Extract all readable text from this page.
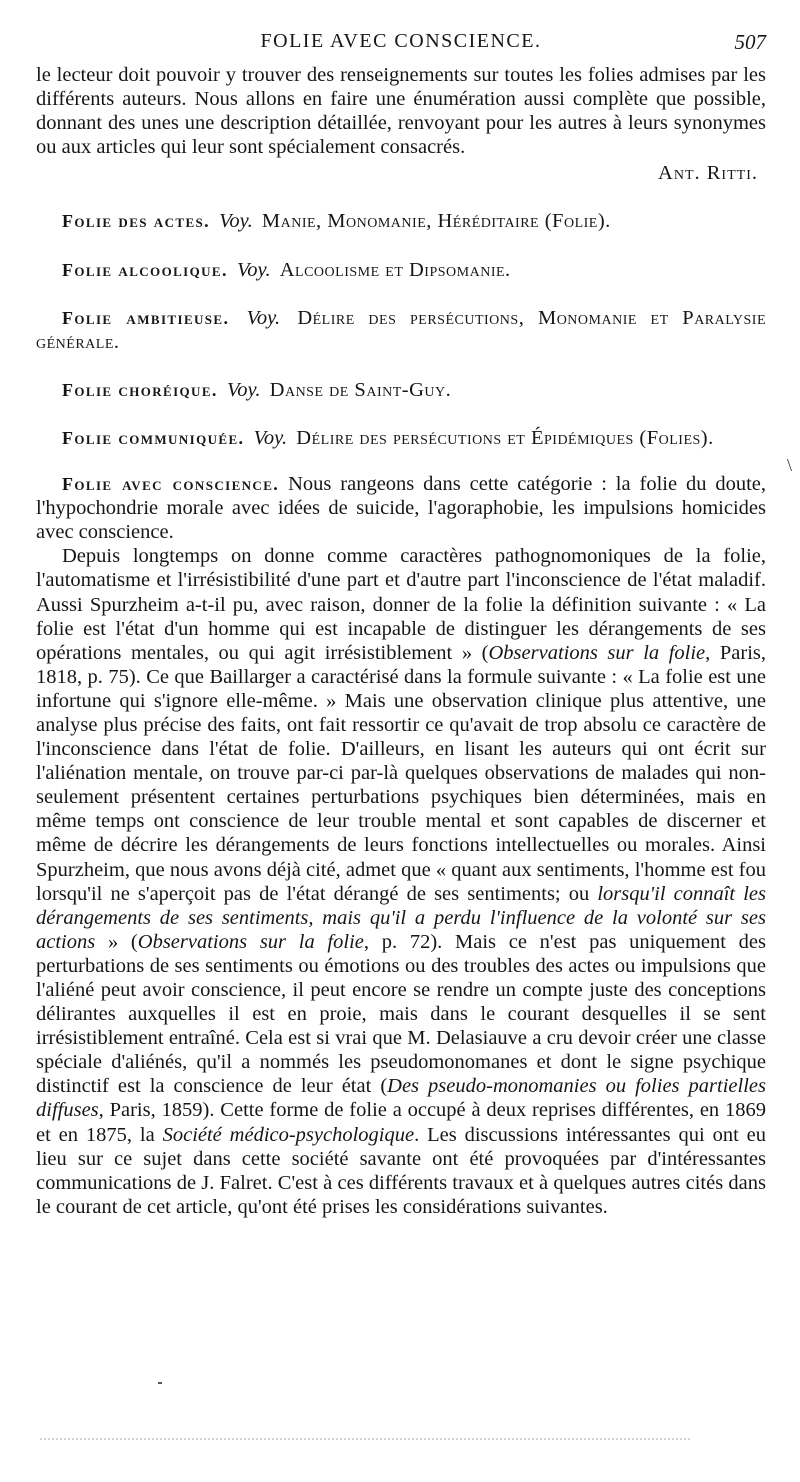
FOLIE AVEC CONSCIENCE.	507

le lecteur doit pouvoir y trouver des renseignements sur toutes les folies admises par les différents auteurs. Nous allons en faire une énumération aussi complète que possible, donnant des unes une description détaillée, renvoyant pour les autres à leurs synonymes ou aux articles qui leur sont spécialement consacrés.

Ant. Ritti.

Folie des actes. Voy. Manie, Monomanie, Héréditaire (Folie).

Folie alcoolique. Voy. Alcoolisme et Dipsomanie.

Folie ambitieuse. Voy. Délire des persécutions, Monomanie et Paralysie générale.

Folie choréique. Voy. Danse de Saint-Guy.

Folie communiquée. Voy. Délire des persécutions et Épidémiques (Folies).

Folie avec conscience. Nous rangeons dans cette catégorie : la folie du doute, l'hypochondrie morale avec idées de suicide, l'agoraphobie, les impulsions homicides avec conscience.

Depuis longtemps on donne comme caractères pathognomoniques de la folie, l'automatisme et l'irrésistibilité d'une part et d'autre part l'inconscience de l'état maladif. Aussi Spurzheim a-t-il pu, avec raison, donner de la folie la définition suivante : « La folie est l'état d'un homme qui est incapable de distinguer les dérangements de ses opérations mentales, ou qui agit irrésistiblement » (Observations sur la folie, Paris, 1818, p. 75). Ce que Baillarger a caractérisé dans la formule suivante : « La folie est une infortune qui s'ignore elle-même. » Mais une observation clinique plus attentive, une analyse plus précise des faits, ont fait ressortir ce qu'avait de trop absolu ce caractère de l'inconscience dans l'état de folie. D'ailleurs, en lisant les auteurs qui ont écrit sur l'aliénation mentale, on trouve par-ci par-là quelques observations de malades qui non-seulement présentent certaines perturbations psychiques bien déterminées, mais en même temps ont conscience de leur trouble mental et sont capables de discerner et même de décrire les dérangements de leurs fonctions intellectuelles ou morales. Ainsi Spurzheim, que nous avons déjà cité, admet que « quant aux sentiments, l'homme est fou lorsqu'il ne s'aperçoit pas de l'état dérangé de ses sentiments; ou lorsqu'il connaît les dérangements de ses sentiments, mais qu'il a perdu l'influence de la volonté sur ses actions » (Observations sur la folie, p. 72). Mais ce n'est pas uniquement des perturbations de ses sentiments ou émotions ou des troubles des actes ou impulsions que l'aliéné peut avoir conscience, il peut encore se rendre un compte juste des conceptions délirantes auxquelles il est en proie, mais dans le courant desquelles il se sent irrésistiblement entraîné. Cela est si vrai que M. Delasiauve a cru devoir créer une classe spéciale d'aliénés, qu'il a nommés les pseudomonomanes et dont le signe psychique distinctif est la conscience de leur état (Des pseudo-monomanies ou folies partielles diffuses, Paris, 1859). Cette forme de folie a occupé à deux reprises différentes, en 1869 et en 1875, la Société médico-psychologique. Les discussions intéressantes qui ont eu lieu sur ce sujet dans cette société savante ont été provoquées par d'intéressantes communications de J. Falret. C'est à ces différents travaux et à quelques autres cités dans le courant de cet article, qu'ont été prises les considérations suivantes.

\
